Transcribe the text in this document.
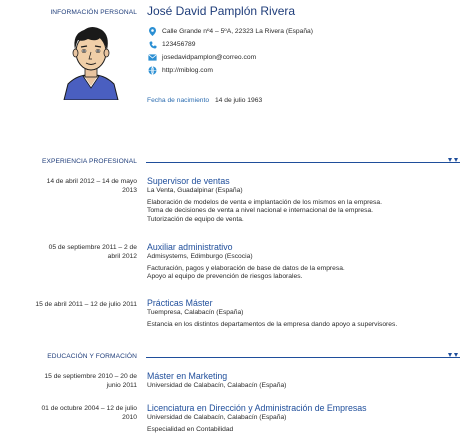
INFORMACIÓN PERSONAL José David Pamplón Rivera
Calle Grande nº4 – 5ºA, 22323 La Rivera (España)
123456789
josedavidpamplon@correo.com
http://miblog.com
Fecha de nacimiento 14 de julio 1963
EXPERIENCIA PROFESIONAL
14 de abril 2012 – 14 de mayo
2013
Supervisor de ventas
La Venta, Guadalpinar (España)
Elaboración de modelos de venta e implantación de los mismos en la empresa.
Toma de decisiones de venta a nivel nacional e internacional de la empresa.
Tutorización de equipo de venta.
05 de septiembre 2011 – 2 de
abril 2012
Auxiliar administrativo
Admisystems, Edimburgo (Escocia)
Facturación, pagos y elaboración de base de datos de la empresa.
Apoyo al equipo de prevención de riesgos laborales.
15 de abril 2011 – 12 de julio 2011 Prácticas Máster
Tuempresa, Calabacín (España)
Estancia en los distintos departamentos de la empresa dando apoyo a supervisores.
EDUCACIÓN Y FORMACIÓN
15 de septiembre 2010 – 20 de
junio 2011
Máster en Marketing
Universidad de Calabacín, Calabacín (España)
01 de octubre 2004 – 12 de julio
2010
Licenciatura en Dirección y Administración de Empresas
Universidad de Calabacín, Calabacín (España)
Especialidad en Contabilidad
